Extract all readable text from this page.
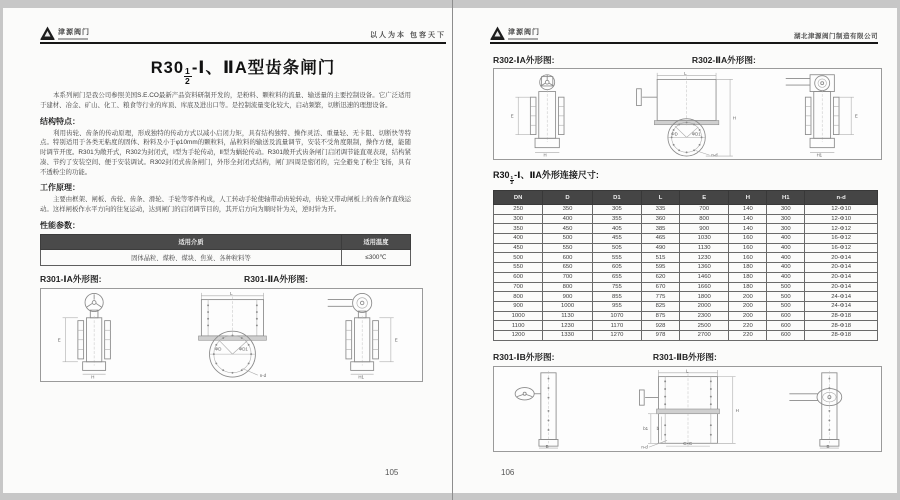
津源阀门	以人为本 包容天下
$R30 \frac{1}{2}$ -Ⅰ、ⅡA型齿条闸门

本系列闸门是我公司参照美国S.E.CO最新产品资料研制开发的，是粉料、颗粒料的流量、输送量的主要控制设备。它广泛适用于建材、冶金、矿山、化工、粮食等行业的库顶、库底及进出口等。是控制流量变化较大，启动频繁，切断迅速的理想设备。

结构特点：

利用齿轮、齿条的传动原理，形成独特的传动方式以减小启闭力矩，具有结构独特、操作灵活、重量轻、无卡阻、切断快等特点。特别适用于各类无粘度的固体、粉料及小于φ10mm的颗粒料，晶粒料的输送及流量调节，安装不受角度限制，操作方便，能随时调节开度。R301为敞开式，R302为封闭式，Ⅰ型为手轮传动，Ⅱ型为蜗轮传动。R301敞开式齿条闸门启闭调节能直观表现，结构紧凑、节约了安装空间、便于安装调试。R302封闭式齿条闸门，外形全封闭式结构，闸门四周是密闭的，完全避免了粉尘飞扬，具有不透粉尘的功能。

工作原理：

主要由框架、闸板、齿轮、齿条、滑轮、手轮等零件构成，人工转动手轮使轴带动齿轮转动，齿轮又带动闸板上的齿条作直线运动。这样闸板作水平方向的往复运动，达到闸门的启闭调节目的，其开启方向为顺时针为关，逆时针为开。

性能参数：
适用介质	适用温度
固体晶粒、煤粉、煤块、焦炭、各种粒料等	≤300℃
R301-ⅠA外形图:	R301-ⅡA外形图:
E
H
L
ΦD	ΦD1
n-d
E
H1
105
津源阀门
湖北津源阀门制造有限公司
R302-ⅠA外形图:	R302-ⅡA外形图:
E
H
L
ΦD	ΦD1
n-d
H	E
H1
R30
$\frac{1}{2}$
-Ⅰ、ⅡA外形连接尺寸:
DN	D	D1	L	E	H	H1	n-d
250	350	305	335	700	140	300	12-Φ10
300	400	355	360	800	140	300	12-Φ10
350	450	405	385	900	140	300	12-Φ12
400	500	455	465	1030	160	400	16-Φ12
450	550	505	490	1130	160	400	16-Φ12
500	600	555	515	1230	160	400	20-Φ14
550	650	605	595	1360	180	400	20-Φ14
600	700	655	620	1460	180	400	20-Φ14
700	800	755	670	1660	180	500	20-Φ14
800	900	855	775	1800	200	500	24-Φ14
900	1000	955	825	2000	200	500	24-Φ14
1000	1130	1070	875	2300	200	600	28-Φ18
1100	1230	1170	928	2500	220	600	28-Φ18
1200	1330	1270	978	2700	220	600	28-Φ18
R301-ⅠB外形图:	R301-ⅡB外形图:
B
L
b1 b
n-d
C×C
H
B
106
